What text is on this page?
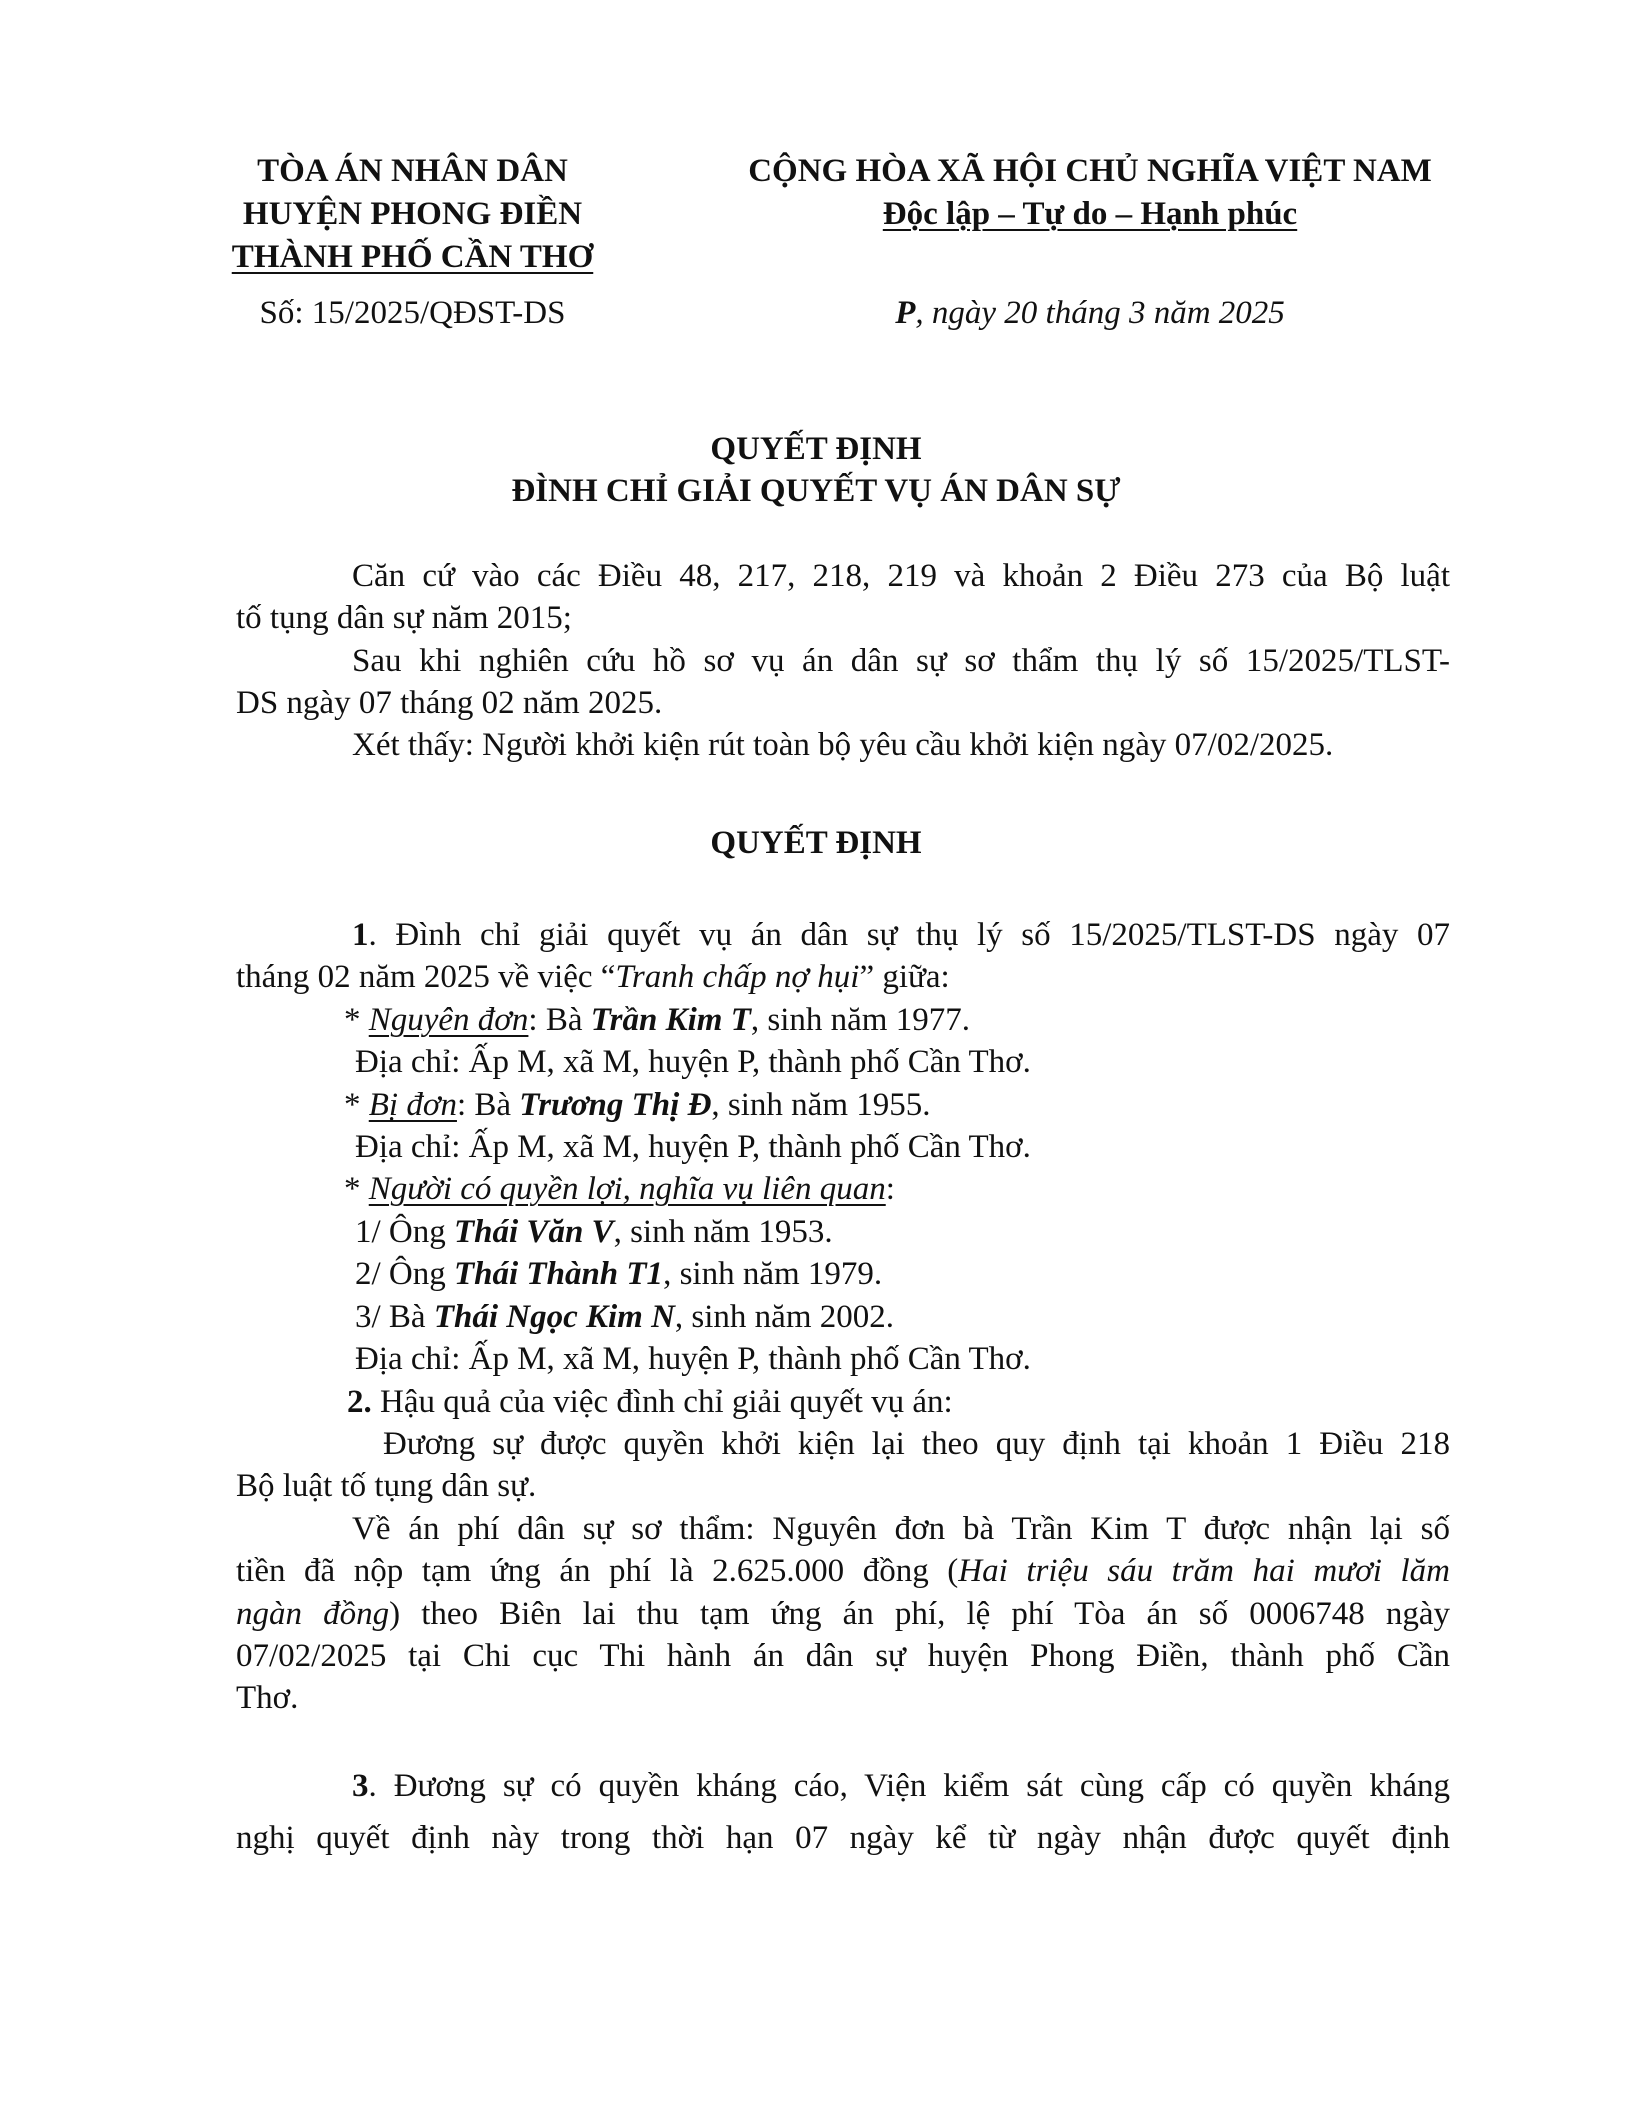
TÒA ÁN NHÂN DÂN
HUYỆN PHONG ĐIỀN
THÀNH PHỐ CẦN THƠ
Số: 15/2025/QĐST-DS
CỘNG HÒA XÃ HỘI CHỦ NGHĨA VIỆT NAM
Độc lập – Tự do – Hạnh phúc
P, ngày 20 tháng 3 năm 2025
QUYẾT ĐỊNH
ĐÌNH CHỈ GIẢI QUYẾT VỤ ÁN DÂN SỰ
Căn cứ vào các Điều 48, 217, 218, 219 và khoản 2 Điều 273 của Bộ luật
tố tụng dân sự năm 2015;
Sau khi nghiên cứu hồ sơ vụ án dân sự sơ thẩm thụ lý số 15/2025/TLST-
DS ngày 07 tháng 02 năm 2025.
Xét thấy: Người khởi kiện rút toàn bộ yêu cầu khởi kiện ngày 07/02/2025.
QUYẾT ĐỊNH
1. Đình chỉ giải quyết vụ án dân sự thụ lý số 15/2025/TLST-DS ngày 07
tháng 02 năm 2025 về việc “Tranh chấp nợ hụi” giữa:
* Nguyên đơn: Bà Trần Kim T, sinh năm 1977.
Địa chỉ: Ấp M, xã M, huyện P, thành phố Cần Thơ.
* Bị đơn: Bà Trương Thị Đ, sinh năm 1955.
Địa chỉ: Ấp M, xã M, huyện P, thành phố Cần Thơ.
* Người có quyền lợi, nghĩa vụ liên quan:
1/ Ông Thái Văn V, sinh năm 1953.
2/ Ông Thái Thành T1, sinh năm 1979.
3/ Bà Thái Ngọc Kim N, sinh năm 2002.
Địa chỉ: Ấp M, xã M, huyện P, thành phố Cần Thơ.
2. Hậu quả của việc đình chỉ giải quyết vụ án:
Đương sự được quyền khởi kiện lại theo quy định tại khoản 1 Điều 218
Bộ luật tố tụng dân sự.
Về án phí dân sự sơ thẩm: Nguyên đơn bà Trần Kim T được nhận lại số
tiền đã nộp tạm ứng án phí là 2.625.000 đồng (Hai triệu sáu trăm hai mươi lăm
ngàn đồng) theo Biên lai thu tạm ứng án phí, lệ phí Tòa án số 0006748 ngày
07/02/2025 tại Chi cục Thi hành án dân sự huyện Phong Điền, thành phố Cần
Thơ.
3. Đương sự có quyền kháng cáo, Viện kiểm sát cùng cấp có quyền kháng
nghị quyết định này trong thời hạn 07 ngày kể từ ngày nhận được quyết định
